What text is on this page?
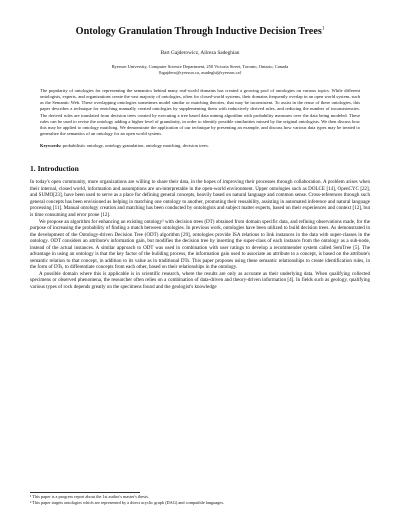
Ontology Granulation Through Inductive Decision Trees$^1$
Bart Gajderowicz, Alireza Sadeghian
Ryerson University, Computer Science Department, 250 Victoria Street, Toronto, Ontario, Canada
{bgajdero@ryerson.ca, asadeghi@ryerson.ca}
The popularity of ontologies for representing the semantics behind many real-world domains has created a growing pool of ontologies on various topics. While different ontologists, experts, and organizations create the vast majority of ontologies, often for closed-world systems, their domains frequently overlap in an open world system, such as the Semantic Web. These overlapping ontologies sometimes model similar or matching theories, that may be inconsistent. To assist in the reuse of these ontologies, this paper describes a technique for enriching manually created ontologies by supplementing them with inductively derived rules, and reducing the number of inconsistencies. The derived rules are translated from decision trees created by executing a tree based data mining algorithm with probability measures over the data being modeled. These rules can be used to revise the ontology adding a higher level of granularity, in order to identify possible similarities missed by the original ontologists. We then discuss how this may be applied to ontology matching. We demonstrate the application of our technique by presenting an example, and discuss how various data types may be treated to generalize the semantics of an ontology for an open world system.
Keywords: probabilistic ontology, ontology granulation, ontology matching, decision trees.
1. Introduction

In today's open community, more organizations are willing to share their data, in the hopes of improving their processes through collaboration. A problem arises when their internal, closed world, information and assumptions are un-interpretable in the open-world environment. Upper ontologies such as DOLCE [14], OpenCYC [22], and SUMO[23], have been used to serve as a place for defining general concepts, heavily based on natural language and common sense. Cross-references through such general concepts has been envisioned as helping in matching one ontology to another, promoting their reusability, assisting in automated inference and natural language processing [11]. Manual ontology creation and matching has been conducted by ontologists and subject matter experts, based on their experiences and context [12], but is time consuming and error prone [12].

We propose an algorithm for enhancing an existing ontology² with decision trees (DT) obtained from domain specific data, and refining observations made, for the purpose of increasing the probability of finding a match between ontologies. In previous work, ontologies have been utilized to build decision trees. As demonstrated in the development of the Ontology-driven Decision Tree (ODT) algorithm [29], ontologies provide ISA relations to link instances in the data with super-classes in the ontology. ODT considers an attribute's information gain, but modifies the decision tree by inserting the super-class of each instance from the ontology as a sub-node, instead of the actual instances. A similar approach to ODT was used in combination with user ratings to develop a recommender system called SemTree [5]. The advantage in using an ontology is that the key factor of the building process, the information gain used to associate an attribute to a concept, is based on the attribute's semantic relation to that concept, in addition to its value as in traditional DTs. This paper proposes using these semantic relationships to create identification rules, in the form of DTs, to differentiate concepts from each other, based on their relationships in the ontology.

A possible domain where this is applicable is in scientific research, where the results are only as accurate as their underlying data. When qualifying collected specimens or observed phenomena, the researcher often relies on a combination of data-driven and theory-driven information [4]. In fields such as geology, qualifying various types of rock depends greatly on the specimens found and the geologist's knowledge

¹ This paper is a progress report about the 1st author's master's thesis.
² This paper targets ontologies which are represented by a direct acyclic graph (DAG) and compatible languages.
